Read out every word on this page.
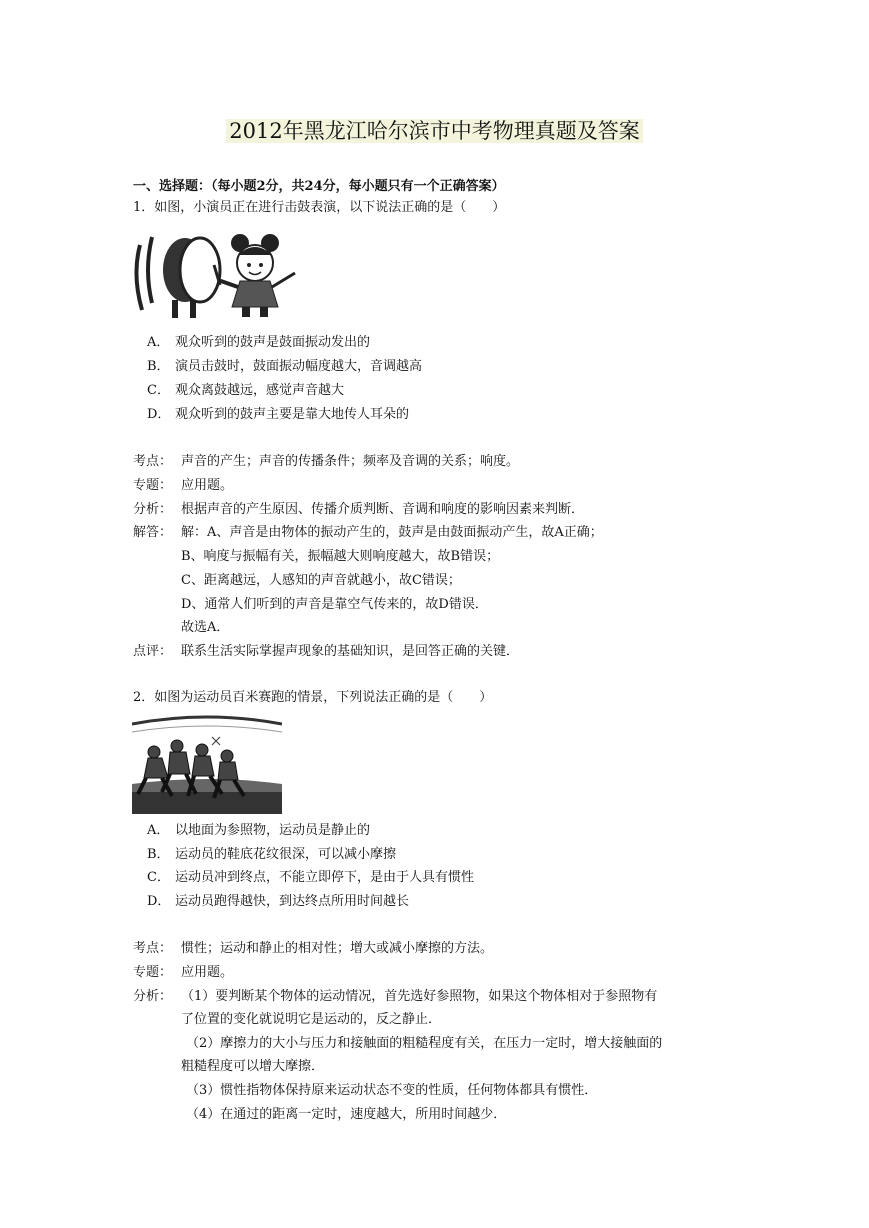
2012年黑龙江哈尔滨市中考物理真题及答案
一、选择题：（每小题2分，共24分，每小题只有一个正确答案）
1．如图，小演员正在进行击鼓表演，以下说法正确的是（　　）
A． 观众听到的鼓声是鼓面振动发出的
B． 演员击鼓时，鼓面振动幅度越大，音调越高
C． 观众离鼓越远，感觉声音越大
D． 观众听到的鼓声主要是靠大地传人耳朵的
考点： 声音的产生；声音的传播条件；频率及音调的关系；响度。
专题： 应用题。
分析： 根据声音的产生原因、传播介质判断、音调和响度的影响因素来判断．
解答： 解：A、声音是由物体的振动产生的，鼓声是由鼓面振动产生，故A正确；
B、响度与振幅有关，振幅越大则响度越大，故B错误；
C、距离越远，人感知的声音就越小，故C错误；
D、通常人们听到的声音是靠空气传来的，故D错误．
故选A．
点评： 联系生活实际掌握声现象的基础知识，是回答正确的关键．
2．如图为运动员百米赛跑的情景，下列说法正确的是（　　）
A． 以地面为参照物，运动员是静止的
B． 运动员的鞋底花纹很深，可以减小摩擦
C． 运动员冲到终点，不能立即停下，是由于人具有惯性
D． 运动员跑得越快，到达终点所用时间越长
考点： 惯性；运动和静止的相对性；增大或减小摩擦的方法。
专题： 应用题。
分析： （1）要判断某个物体的运动情况，首先选好参照物，如果这个物体相对于参照物有
了位置的变化就说明它是运动的，反之静止．
（2）摩擦力的大小与压力和接触面的粗糙程度有关，在压力一定时，增大接触面的
粗糙程度可以增大摩擦．
（3）惯性指物体保持原来运动状态不变的性质，任何物体都具有惯性．
（4）在通过的距离一定时，速度越大，所用时间越少．
